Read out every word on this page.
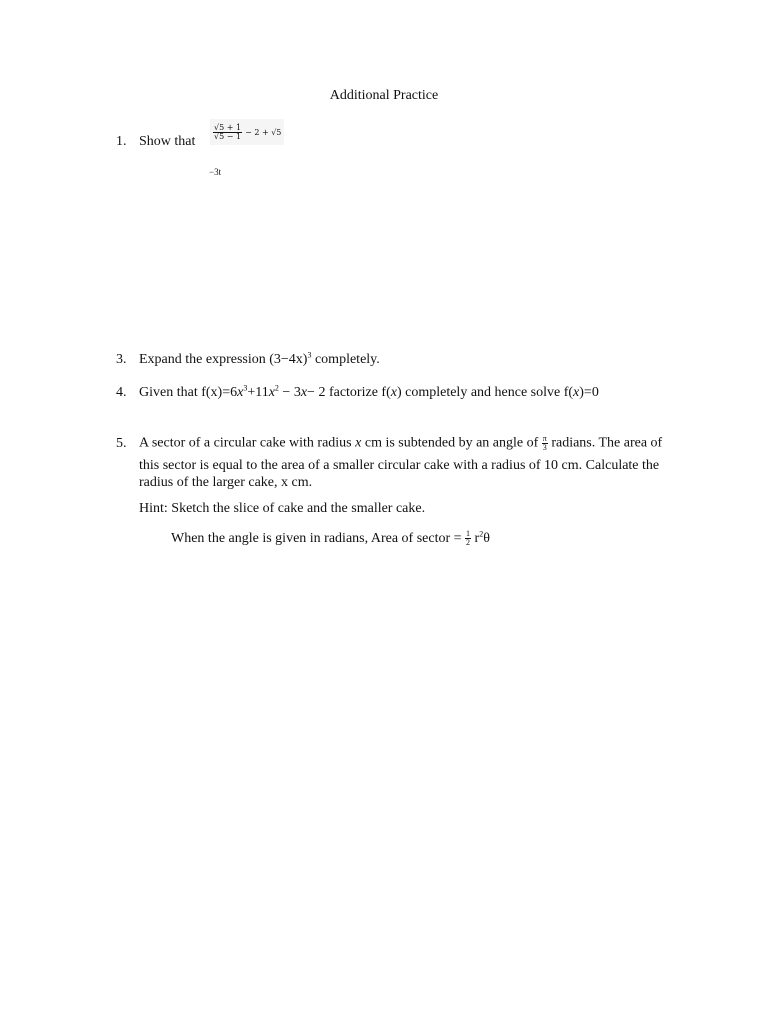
Additional Practice
1. Show that
$\frac{√5 + 1}{√5 - 1} - 2 + √5$
−3t
3. Expand the expression $(3-4x)^3$ completely.
4. Given that $f(x)=6x^3+11x^2 - 3x- 2$ factorize f(x) completely and hence solve f(x)=0
5. A sector of a circular cake with radius x cm is subtended by an angle of $\frac{\pi}{3}$ radians. The area of
this sector is equal to the area of a smaller circular cake with a radius of 10 cm. Calculate the
radius of the larger cake, x cm.
Hint: Sketch the slice of cake and the smaller cake.
When the angle is given in radians, Area of sector = $\frac{1}{2} r^2\theta$
